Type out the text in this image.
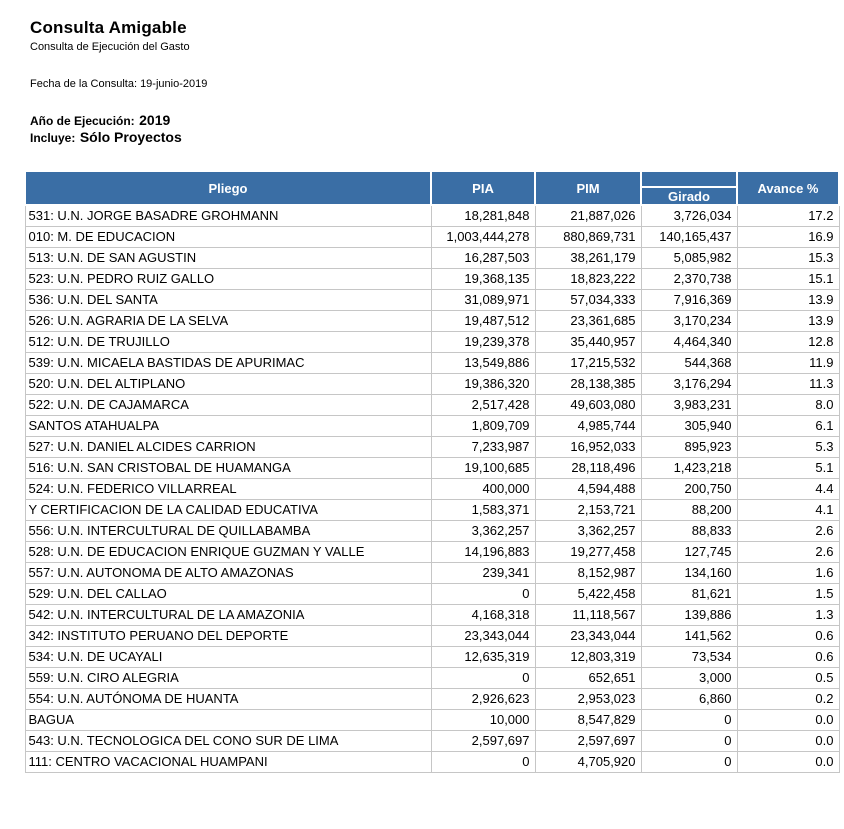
Consulta Amigable
Consulta de Ejecución del Gasto
Fecha de la Consulta: 19-junio-2019
Año de Ejecución: 2019
Incluye: Sólo Proyectos
Pliego	PIA	PIM		Avance %
			Girado	
531: U.N. JORGE BASADRE GROHMANN	18,281,848	21,887,026	3,726,034	17.2
010: M. DE EDUCACION	1,003,444,278	880,869,731	140,165,437	16.9
513: U.N. DE SAN AGUSTIN	16,287,503	38,261,179	5,085,982	15.3
523: U.N. PEDRO RUIZ GALLO	19,368,135	18,823,222	2,370,738	15.1
536: U.N. DEL SANTA	31,089,971	57,034,333	7,916,369	13.9
526: U.N. AGRARIA DE LA SELVA	19,487,512	23,361,685	3,170,234	13.9
512: U.N. DE TRUJILLO	19,239,378	35,440,957	4,464,340	12.8
539: U.N. MICAELA BASTIDAS DE APURIMAC	13,549,886	17,215,532	544,368	11.9
520: U.N. DEL ALTIPLANO	19,386,320	28,138,385	3,176,294	11.3
522: U.N. DE CAJAMARCA	2,517,428	49,603,080	3,983,231	8.0
SANTOS ATAHUALPA	1,809,709	4,985,744	305,940	6.1
527: U.N. DANIEL ALCIDES CARRION	7,233,987	16,952,033	895,923	5.3
516: U.N. SAN CRISTOBAL DE HUAMANGA	19,100,685	28,118,496	1,423,218	5.1
524: U.N. FEDERICO VILLARREAL	400,000	4,594,488	200,750	4.4
Y CERTIFICACION DE LA CALIDAD EDUCATIVA	1,583,371	2,153,721	88,200	4.1
556: U.N. INTERCULTURAL DE QUILLABAMBA	3,362,257	3,362,257	88,833	2.6
528: U.N. DE EDUCACION ENRIQUE GUZMAN Y VALLE	14,196,883	19,277,458	127,745	2.6
557: U.N. AUTONOMA DE ALTO AMAZONAS	239,341	8,152,987	134,160	1.6
529: U.N. DEL CALLAO	0	5,422,458	81,621	1.5
542: U.N. INTERCULTURAL DE LA AMAZONIA	4,168,318	11,118,567	139,886	1.3
342: INSTITUTO PERUANO DEL DEPORTE	23,343,044	23,343,044	141,562	0.6
534: U.N. DE UCAYALI	12,635,319	12,803,319	73,534	0.6
559: U.N. CIRO ALEGRIA	0	652,651	3,000	0.5
554: U.N. AUTÓNOMA DE HUANTA	2,926,623	2,953,023	6,860	0.2
BAGUA	10,000	8,547,829	0	0.0
543: U.N. TECNOLOGICA DEL CONO SUR DE LIMA	2,597,697	2,597,697	0	0.0
111: CENTRO VACACIONAL HUAMPANI	0	4,705,920	0	0.0
